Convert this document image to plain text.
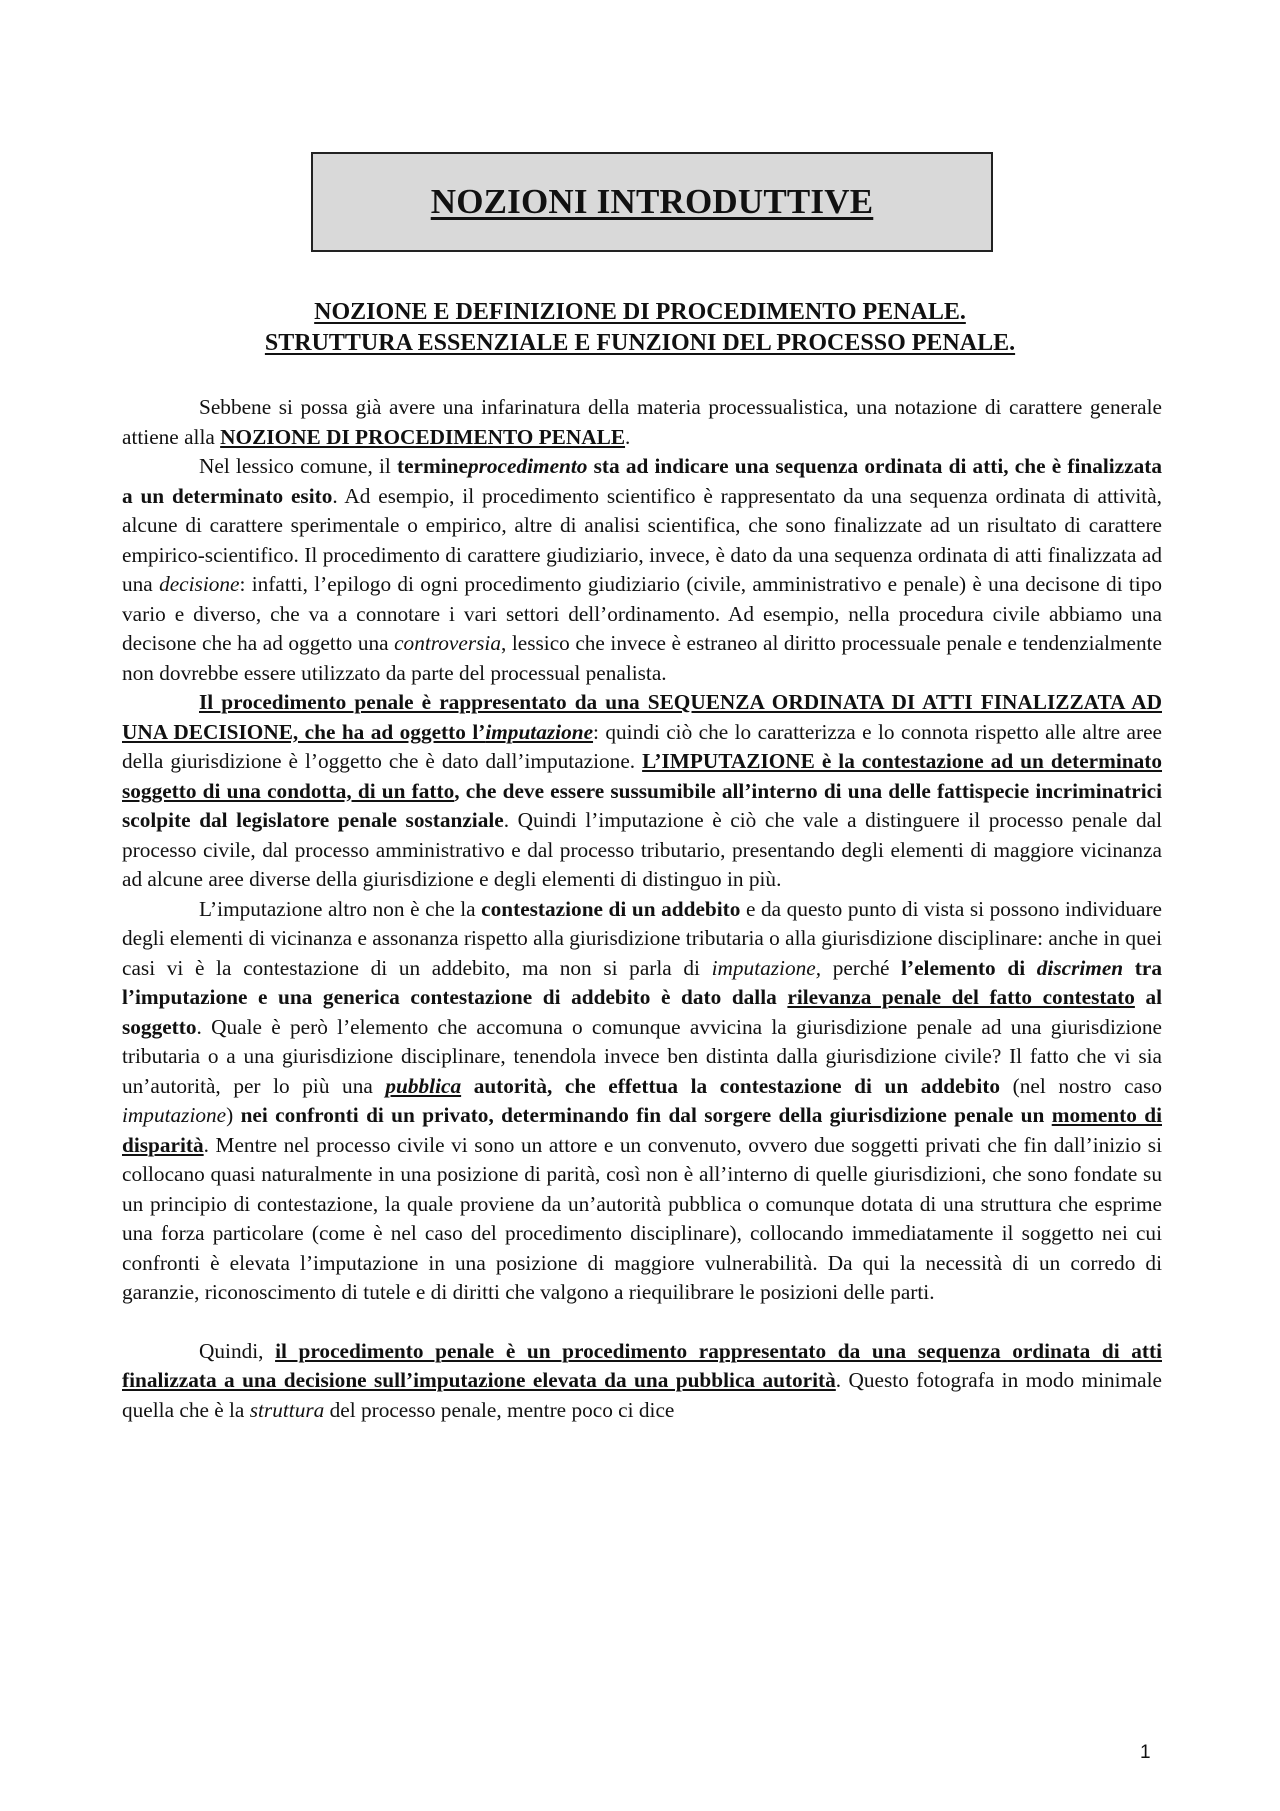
NOZIONI INTRODUTTIVE
NOZIONE E DEFINIZIONE DI PROCEDIMENTO PENALE.
STRUTTURA ESSENZIALE E FUNZIONI DEL PROCESSO PENALE.

Sebbene si possa già avere una infarinatura della materia processualistica, una notazione di carattere generale attiene alla NOZIONE DI PROCEDIMENTO PENALE.

Nel lessico comune, il termineprocedimento sta ad indicare una sequenza ordinata di atti, che è finalizzata a un determinato esito. Ad esempio, il procedimento scientifico è rappresentato da una sequenza ordinata di attività, alcune di carattere sperimentale o empirico, altre di analisi scientifica, che sono finalizzate ad un risultato di carattere empirico-scientifico. Il procedimento di carattere giudiziario, invece, è dato da una sequenza ordinata di atti finalizzata ad una decisione: infatti, l’epilogo di ogni procedimento giudiziario (civile, amministrativo e penale) è una decisone di tipo vario e diverso, che va a connotare i vari settori dell’ordinamento. Ad esempio, nella procedura civile abbiamo una decisone che ha ad oggetto una controversia, lessico che invece è estraneo al diritto processuale penale e tendenzialmente non dovrebbe essere utilizzato da parte del processual penalista.

Il procedimento penale è rappresentato da una SEQUENZA ORDINATA DI ATTI FINALIZZATA AD UNA DECISIONE, che ha ad oggetto l’imputazione: quindi ciò che lo caratterizza e lo connota rispetto alle altre aree della giurisdizione è l’oggetto che è dato dall’imputazione. L’IMPUTAZIONE è la contestazione ad un determinato soggetto di una condotta, di un fatto, che deve essere sussumibile all’interno di una delle fattispecie incriminatrici scolpite dal legislatore penale sostanziale. Quindi l’imputazione è ciò che vale a distinguere il processo penale dal processo civile, dal processo amministrativo e dal processo tributario, presentando degli elementi di maggiore vicinanza ad alcune aree diverse della giurisdizione e degli elementi di distinguo in più.

L’imputazione altro non è che la contestazione di un addebito e da questo punto di vista si possono individuare degli elementi di vicinanza e assonanza rispetto alla giurisdizione tributaria o alla giurisdizione disciplinare: anche in quei casi vi è la contestazione di un addebito, ma non si parla di imputazione, perché l’elemento di discrimen tra l’imputazione e una generica contestazione di addebito è dato dalla rilevanza penale del fatto contestato al soggetto. Quale è però l’elemento che accomuna o comunque avvicina la giurisdizione penale ad una giurisdizione tributaria o a una giurisdizione disciplinare, tenendola invece ben distinta dalla giurisdizione civile? Il fatto che vi sia un’autorità, per lo più una pubblica autorità, che effettua la contestazione di un addebito (nel nostro caso imputazione) nei confronti di un privato, determinando fin dal sorgere della giurisdizione penale un momento di disparità. Mentre nel processo civile vi sono un attore e un convenuto, ovvero due soggetti privati che fin dall’inizio si collocano quasi naturalmente in una posizione di parità, così non è all’interno di quelle giurisdizioni, che sono fondate su un principio di contestazione, la quale proviene da un’autorità pubblica o comunque dotata di una struttura che esprime una forza particolare (come è nel caso del procedimento disciplinare), collocando immediatamente il soggetto nei cui confronti è elevata l’imputazione in una posizione di maggiore vulnerabilità. Da qui la necessità di un corredo di garanzie, riconoscimento di tutele e di diritti che valgono a riequilibrare le posizioni delle parti.

Quindi, il procedimento penale è un procedimento rappresentato da una sequenza ordinata di atti finalizzata a una decisione sull’imputazione elevata da una pubblica autorità. Questo fotografa in modo minimale quella che è la struttura del processo penale, mentre poco ci dice

1
